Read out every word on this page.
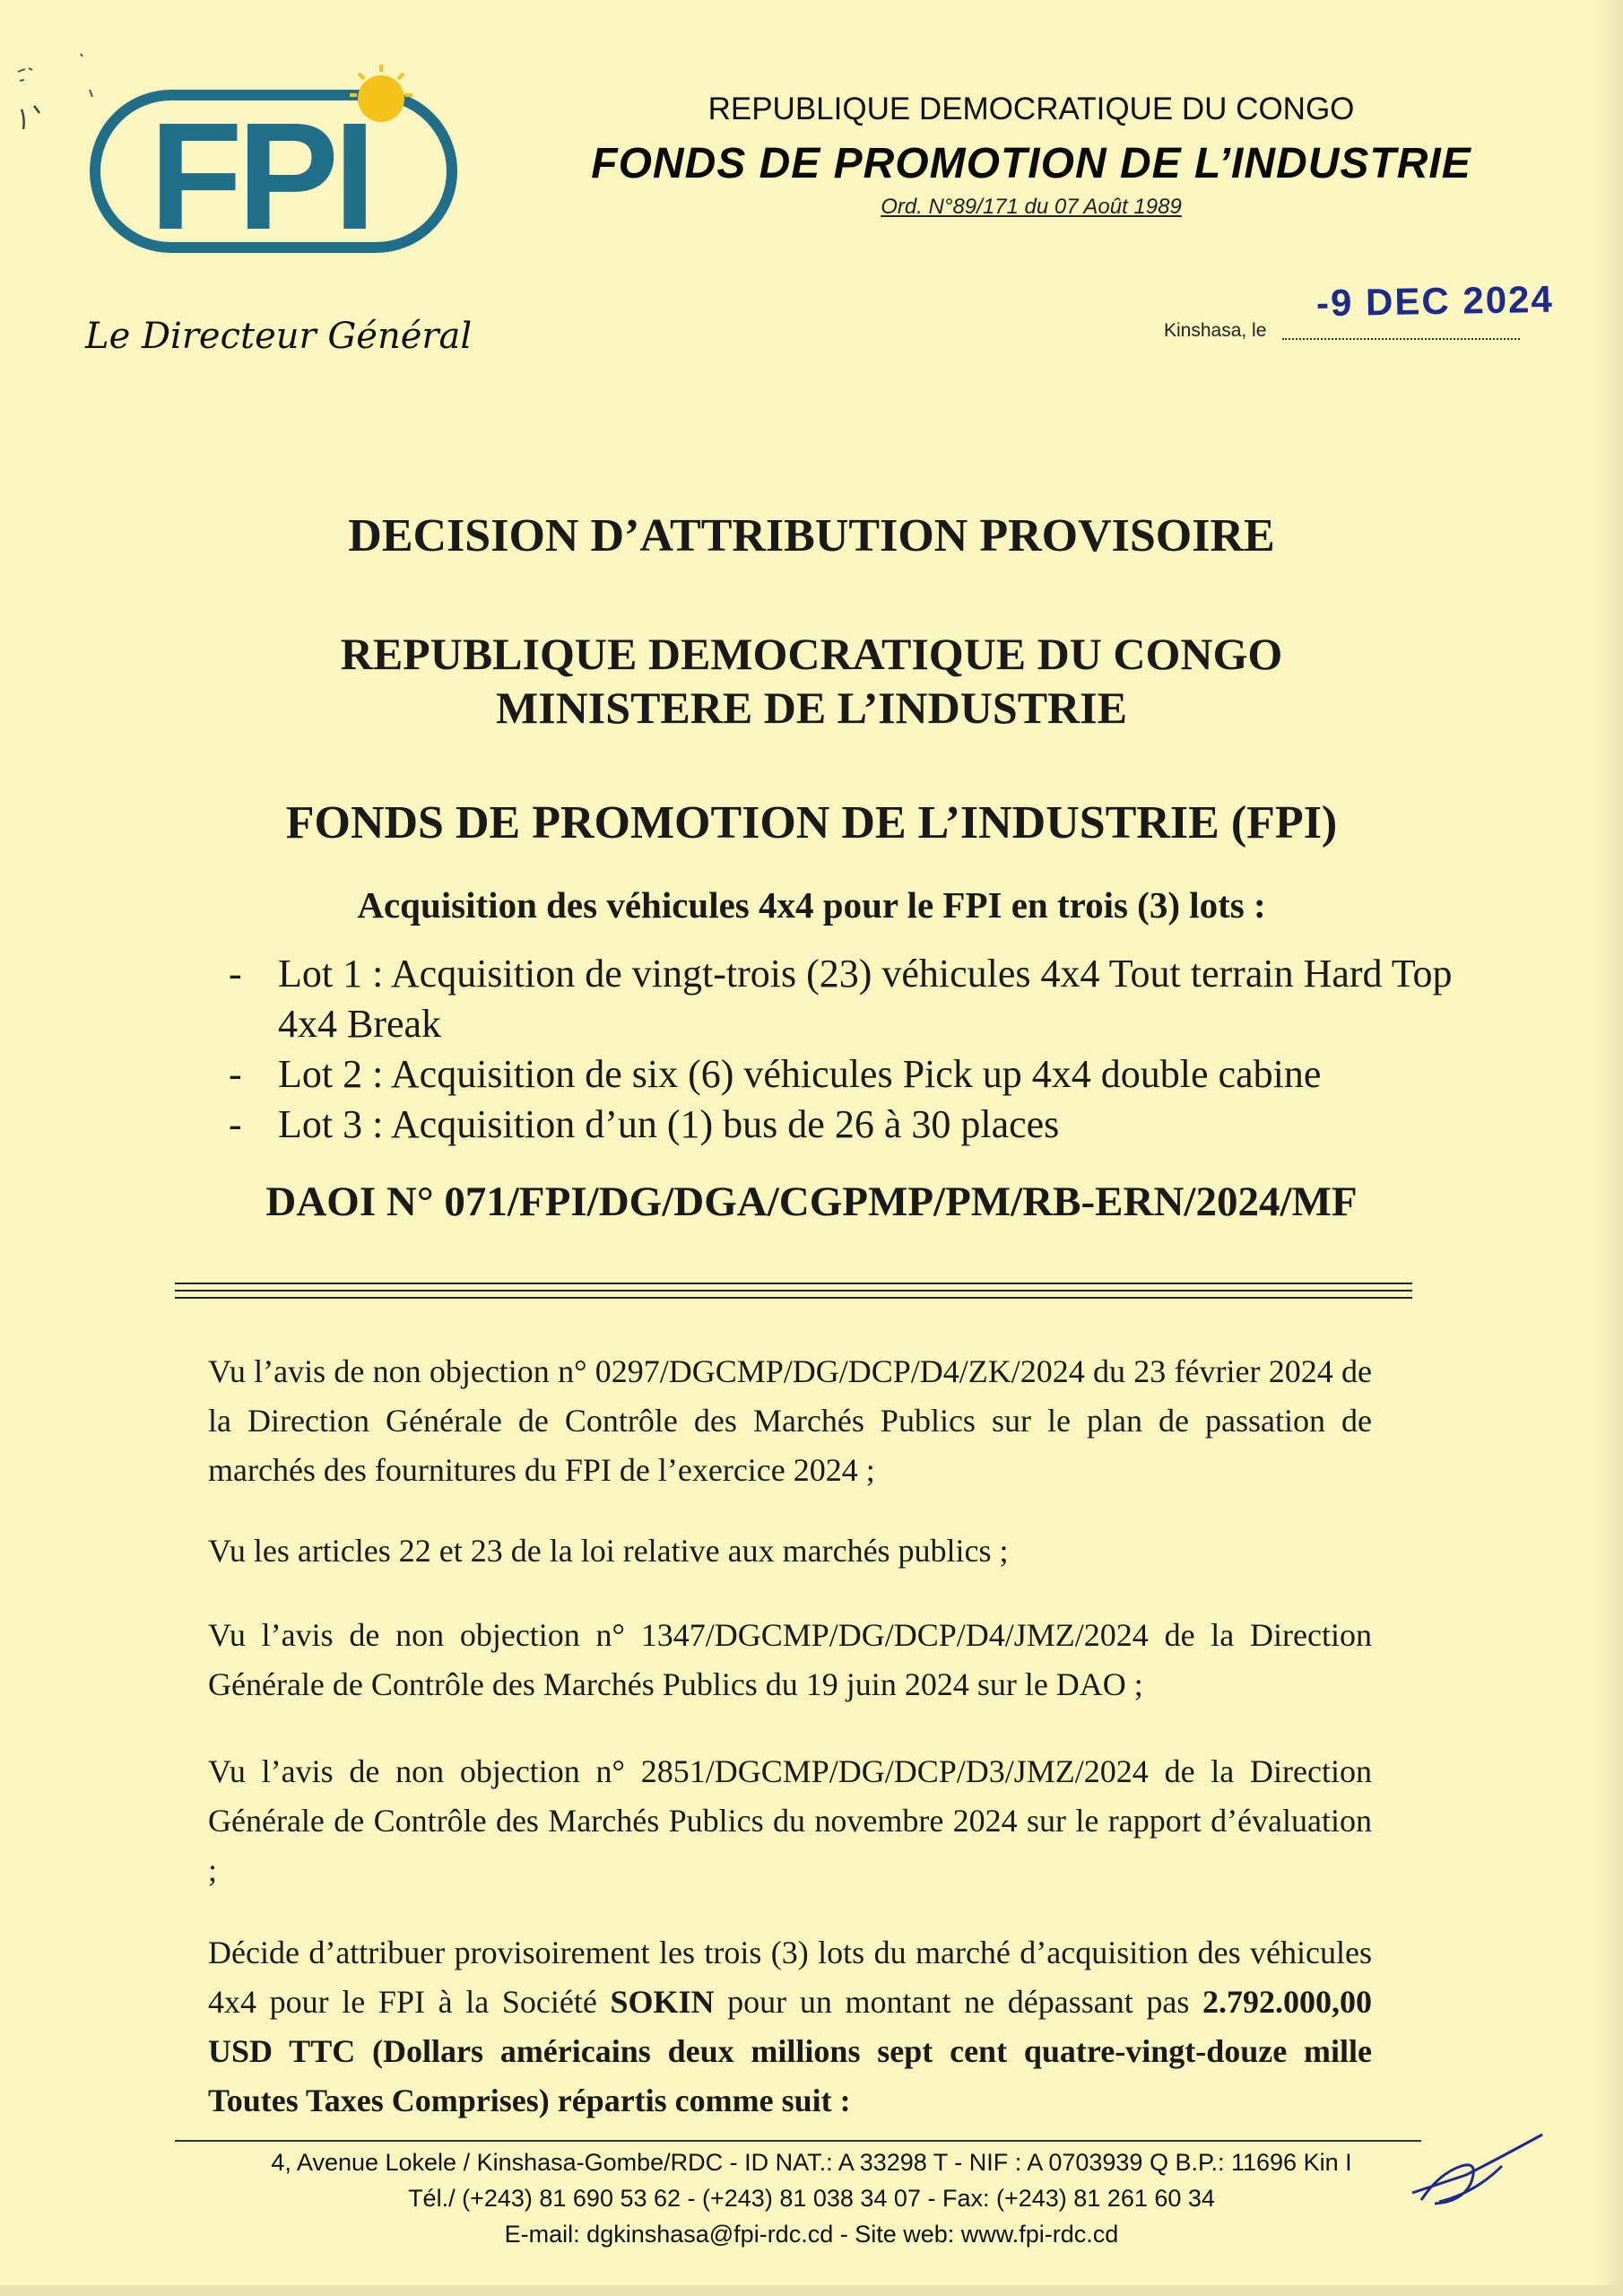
FPI	REPUBLIQUE DEMOCRATIQUE DU CONGO
FONDS DE PROMOTION DE L’INDUSTRIE
Ord. N°89/171 du 07 Août 1989
Le Directeur Général
-9 DEC 2024
Kinshasa, le
DECISION D’ATTRIBUTION PROVISOIRE
REPUBLIQUE DEMOCRATIQUE DU CONGO
MINISTERE DE L’INDUSTRIE
FONDS DE PROMOTION DE L’INDUSTRIE (FPI)
Acquisition des véhicules 4x4 pour le FPI en trois (3) lots :

- Lot 1 : Acquisition de vingt-trois (23) véhicules 4x4 Tout terrain Hard Top 4x4 Break

- Lot 2 : Acquisition de six (6) véhicules Pick up 4x4 double cabine

- Lot 3 : Acquisition d’un (1) bus de 26 à 30 places

DAOI N° 071/FPI/DG/DGA/CGPMP/PM/RB-ERN/2024/MF
Vu l’avis de non objection n° 0297/DGCMP/DG/DCP/D4/ZK/2024 du 23 février 2024 de la Direction Générale de Contrôle des Marchés Publics sur le plan de passation de marchés des fournitures du FPI de l’exercice 2024 ;
Vu les articles 22 et 23 de la loi relative aux marchés publics ;
Vu l’avis de non objection n° 1347/DGCMP/DG/DCP/D4/JMZ/2024 de la Direction Générale de Contrôle des Marchés Publics du 19 juin 2024 sur le DAO ;
Vu l’avis de non objection n° 2851/DGCMP/DG/DCP/D3/JMZ/2024 de la Direction Générale de Contrôle des Marchés Publics du novembre 2024 sur le rapport d’évaluation ;
Décide d’attribuer provisoirement les trois (3) lots du marché d’acquisition des véhicules 4x4 pour le FPI à la Société SOKIN pour un montant ne dépassant pas 2.792.000,00 USD TTC (Dollars américains deux millions sept cent quatre-vingt-douze mille Toutes Taxes Comprises) répartis comme suit :
4, Avenue Lokele / Kinshasa-Gombe/RDC - ID NAT.: A 33298 T - NIF : A 0703939 Q B.P.: 11696 Kin I
Tél./ (+243) 81 690 53 62 - (+243) 81 038 34 07 - Fax: (+243) 81 261 60 34
E-mail: dgkinshasa@fpi-rdc.cd - Site web: www.fpi-rdc.cd
